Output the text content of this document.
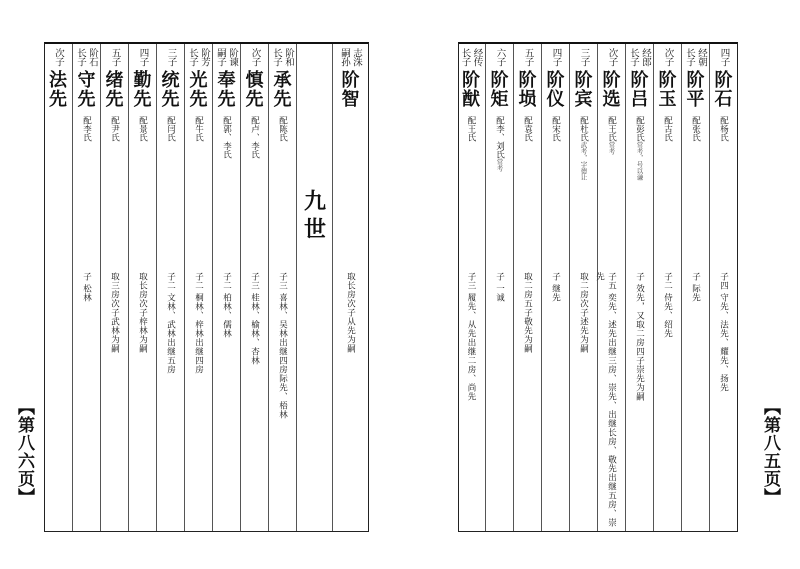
【第八六页】
志洙
嗣孙
阶智
取长房次子从先为嗣
九世
阶和
长子
承先
配陈氏
子三 喜林、吴林出继四房际先、梧林
次子
慎先
配卢、李氏
子三 桂林、榆林、杏林
阶谏
嗣子
奉先
配郭、李氏
子二 柏林、儒林
阶芳
长子
光先
配牛氏
子二 桐林、梓林出继四房
三子
统先
配闫氏
子二 文林、武林出继五房
四子
勤先
配景氏
取长房次子梓林为嗣
五子
绪先
配尹氏
取三房次子武林为嗣
阶石
长子
守先
配李氏
子 松林
次子
法先
【第八五页】
四子
阶石
配杨氏
子四 守先、法先、耀先、扬先
经朝
长子
阶平
配张氏
子 际先
次子
阶玉
配古氏
子二 侍先、绍先
经郎
长子
阶吕
配彭氏常考，号以谦
子 效先，又取二房四子崇先为嗣
次子
阶选
配王氏常考
子五 奕先、述先出继三房、崇先、出继长房、敬先出继五房、崇先
三子
阶宾
配杜氏武考，字德让
取二房次子述先为嗣
四子
阶仪
配宋氏
子 继先
五子
阶埙
配袁氏
取二房五子敬先为嗣
六子
阶矩
配李、刘氏常考
子 一诚
经传
长子
阶猷
配王氏
子三 履先、从先出继二房、尚先
